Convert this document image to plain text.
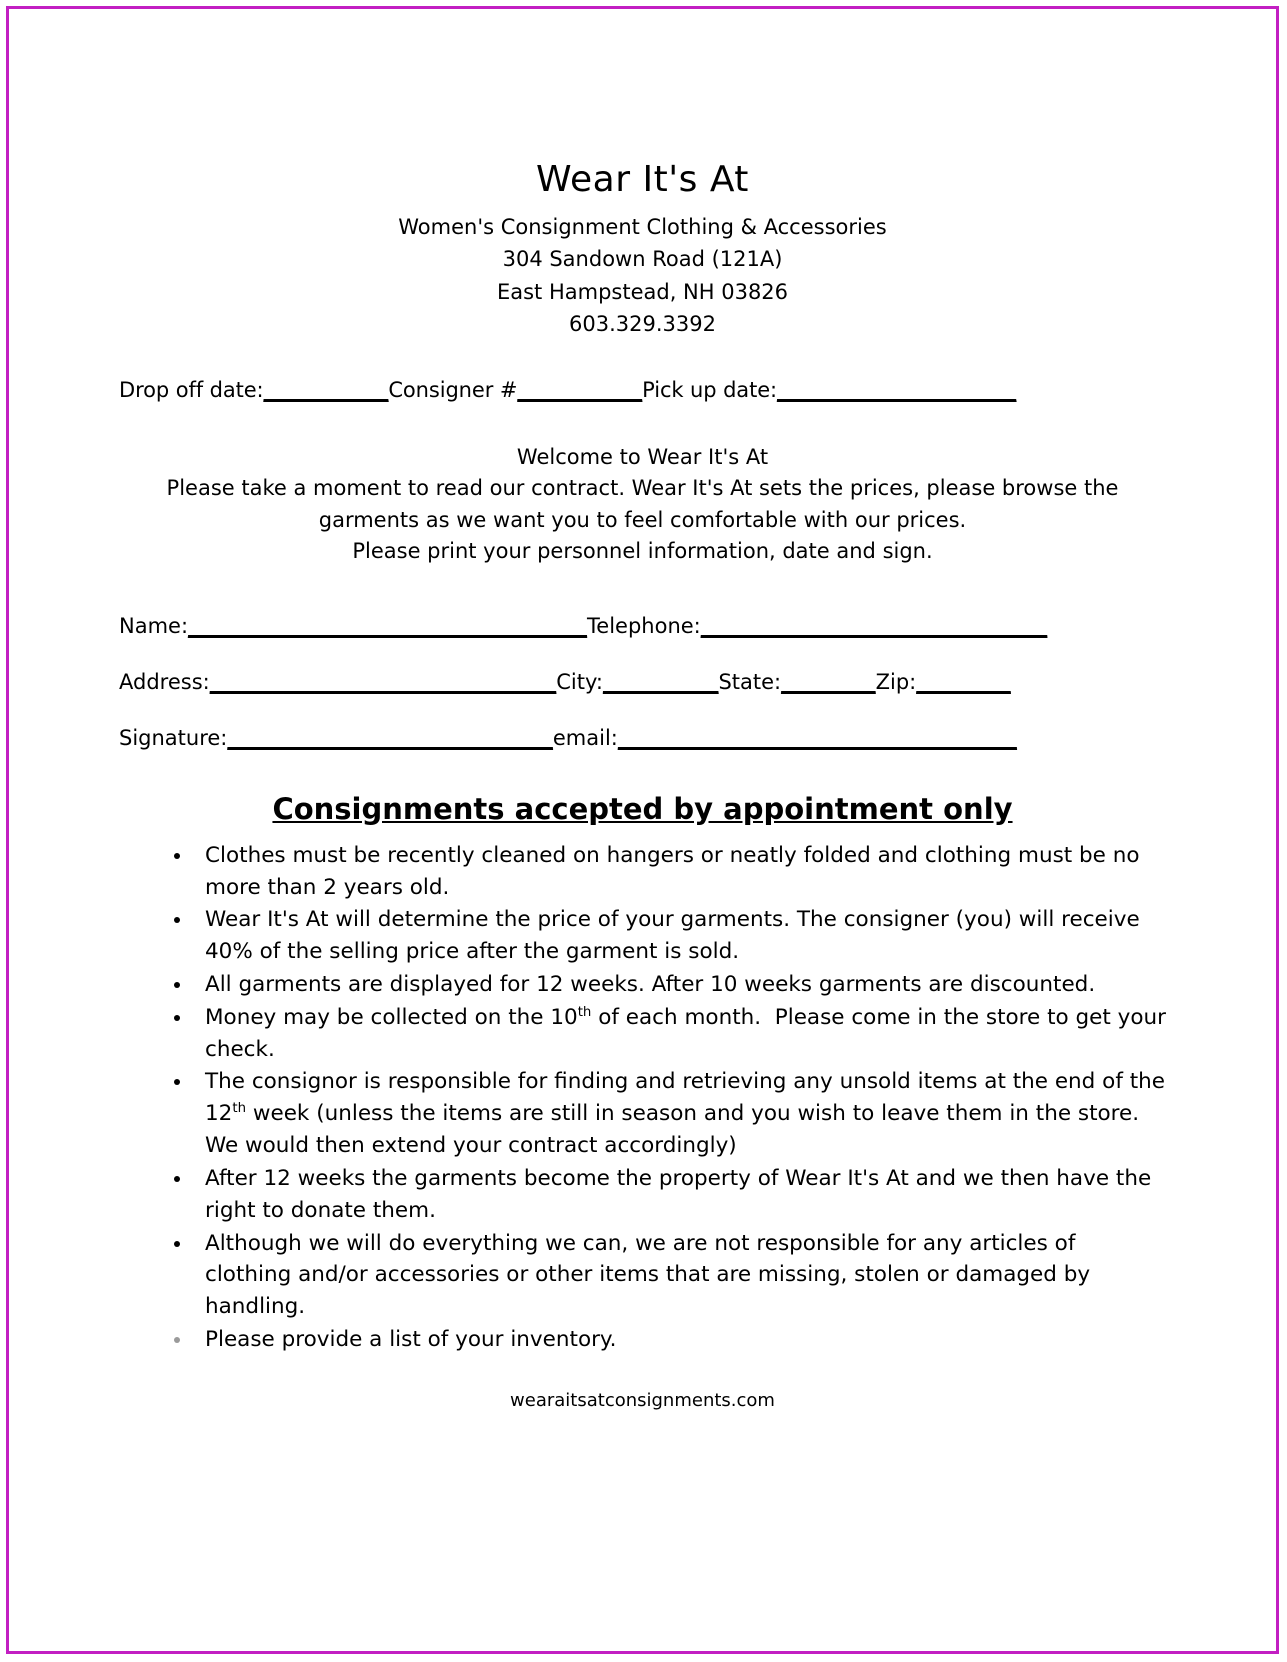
Wear It's At
Women's Consignment Clothing & Accessories
304 Sandown Road (121A)
East Hampstead, NH 03826
603.329.3392
Drop off date:____________Consigner #____________Pick up date:_______________________
Welcome to Wear It's At
Please take a moment to read our contract. Wear It's At sets the prices, please browse the garments as we want you to feel comfortable with our prices.
Please print your personnel information, date and sign.
Name:______________________________________Telephone:_________________________________
Address:_________________________________City:___________State:_________Zip:_________
Signature:_______________________________email:______________________________________
Consignments accepted by appointment only
• Clothes must be recently cleaned on hangers or neatly folded and clothing must be no more than 2 years old.
• Wear It's At will determine the price of your garments. The consigner (you) will receive 40% of the selling price after the garment is sold.
• All garments are displayed for 12 weeks. After 10 weeks garments are discounted.
• Money may be collected on the 10th of each month.  Please come in the store to get your check.
• The consignor is responsible for finding and retrieving any unsold items at the end of the 12th week (unless the items are still in season and you wish to leave them in the store.  We would then extend your contract accordingly)
• After 12 weeks the garments become the property of Wear It's At and we then have the right to donate them.
• Although we will do everything we can, we are not responsible for any articles of clothing and/or accessories or other items that are missing, stolen or damaged by handling.
• Please provide a list of your inventory.
wearaitsatconsignments.com
